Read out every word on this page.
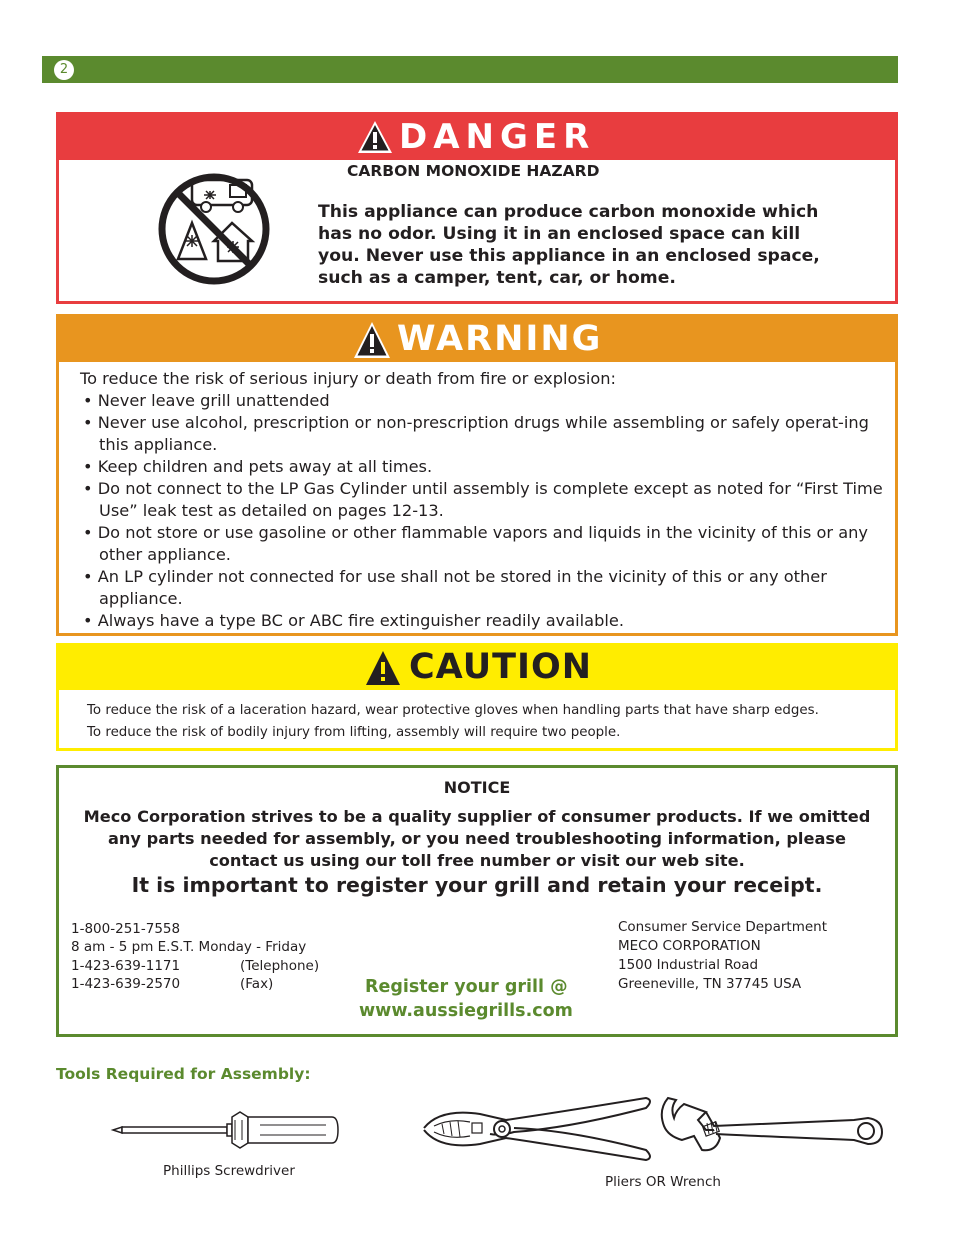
2
DANGER
CARBON MONOXIDE HAZARD
This appliance can produce carbon monoxide which
has no odor. Using it in an enclosed space can kill
you. Never use this appliance in an enclosed space,
such as a camper, tent, car, or home.
WARNING
To reduce the risk of serious injury or death from fire or explosion:
• Never leave grill unattended
• Never use alcohol, prescription or non-prescription drugs while assembling or safely operat-ing this appliance.
• Keep children and pets away at all times.
• Do not connect to the LP Gas Cylinder until assembly is complete except as noted for “First Time Use” leak test as detailed on pages 12-13.
• Do not store or use gasoline or other flammable vapors and liquids in the vicinity of this or any other appliance.
• An LP cylinder not connected for use shall not be stored in the vicinity of this or any other appliance.
• Always have a type BC or ABC fire extinguisher readily available.
CAUTION
To reduce the risk of a laceration hazard, wear protective gloves when handling parts that have sharp edges.
To reduce the risk of bodily injury from lifting, assembly will require two people.
NOTICE
Meco Corporation strives to be a quality supplier of consumer products. If we omitted
any parts needed for assembly, or you need troubleshooting information, please
contact us using our toll free number or visit our web site.
It is important to register your grill and retain your receipt.
1-800-251-7558
8 am - 5 pm E.S.T. Monday - Friday
1-423-639-1171	(Telephone)
1-423-639-2570	(Fax)	Register your grill @
www.aussiegrills.com
Consumer Service Department
MECO CORPORATION
1500 Industrial Road
Greeneville, TN 37745 USA
Tools Required for Assembly:
Phillips Screwdriver
Pliers OR Wrench
